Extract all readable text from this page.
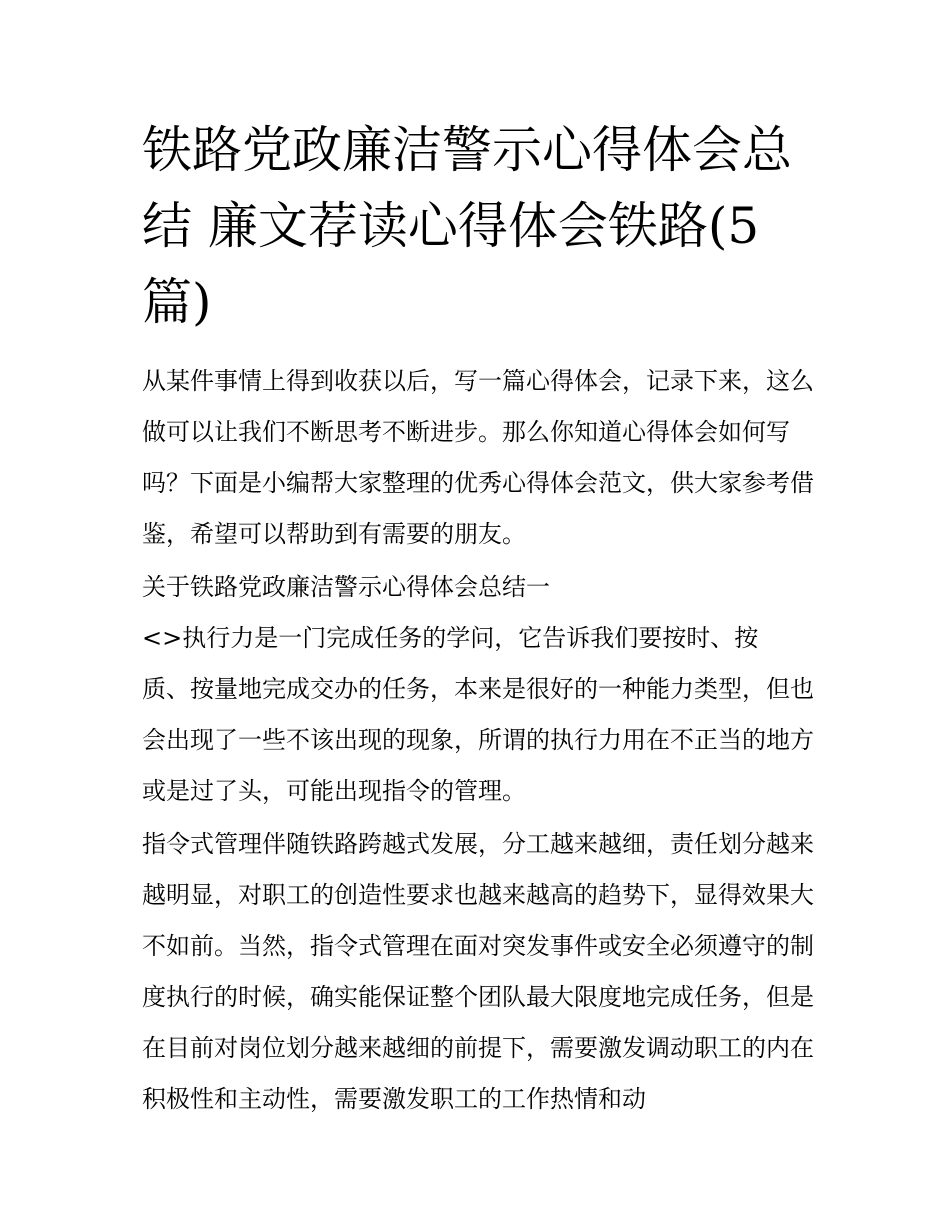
铁路党政廉洁警示心得体会总结 廉文荐读心得体会铁路(5篇)

从某件事情上得到收获以后，写一篇心得体会，记录下来，这么做可以让我们不断思考不断进步。那么你知道心得体会如何写吗？下面是小编帮大家整理的优秀心得体会范文，供大家参考借鉴，希望可以帮助到有需要的朋友。

关于铁路党政廉洁警示心得体会总结一

<>执行力是一门完成任务的学问，它告诉我们要按时、按

质、按量地完成交办的任务，本来是很好的一种能力类型，但也会出现了一些不该出现的现象，所谓的执行力用在不正当的地方或是过了头，可能出现指令的管理。

指令式管理伴随铁路跨越式发展，分工越来越细，责任划分越来越明显，对职工的创造性要求也越来越高的趋势下，显得效果大不如前。当然，指令式管理在面对突发事件或安全必须遵守的制度执行的时候，确实能保证整个团队最大限度地完成任务，但是在目前对岗位划分越来越细的前提下，需要激发调动职工的内在积极性和主动性，需要激发职工的工作热情和动
